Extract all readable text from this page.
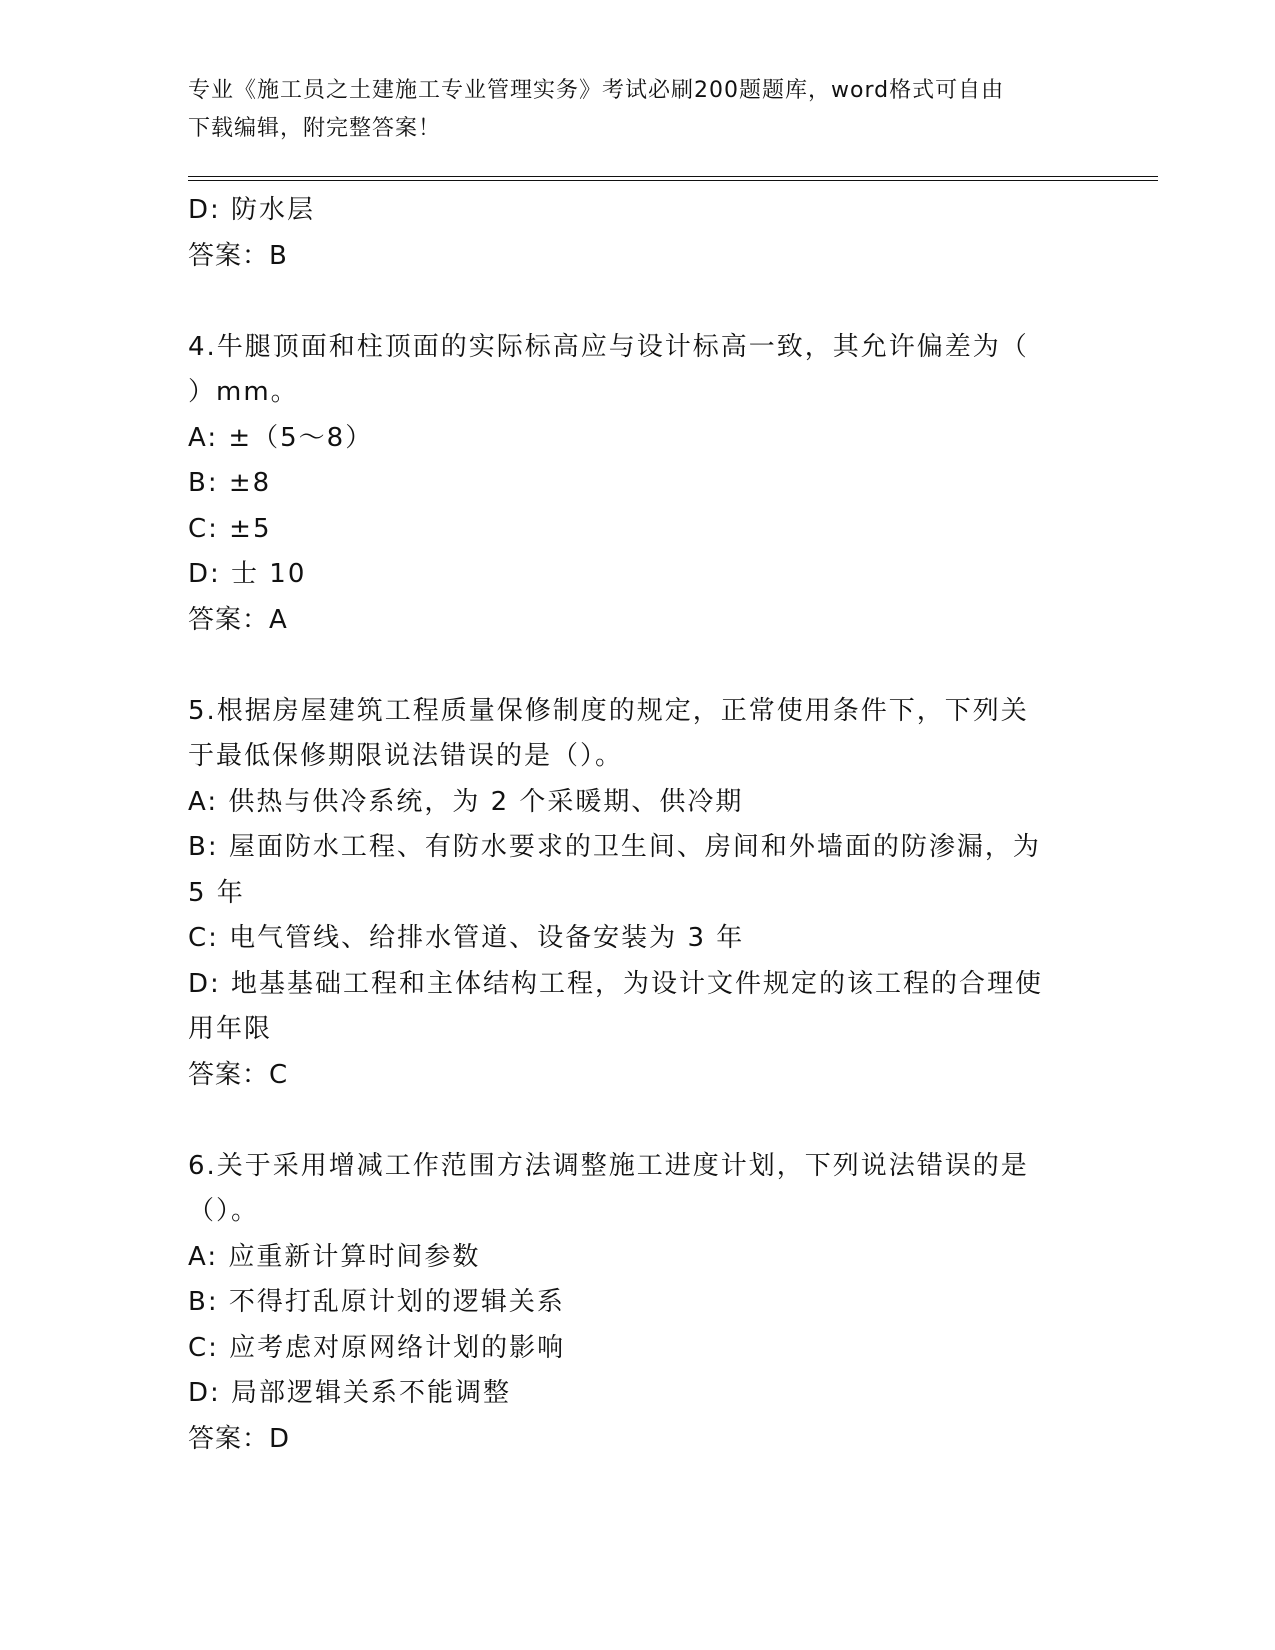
专业《施工员之土建施工专业管理实务》考试必刷200题题库，word格式可自由
下载编辑，附完整答案！
D: 防水层
答案：B
4.牛腿顶面和柱顶面的实际标高应与设计标高一致，其允许偏差为（
）mm。
A: ±（5～8）
B: ±8
C: ±5
D: 士 10
答案：A
5.根据房屋建筑工程质量保修制度的规定，正常使用条件下，下列关
于最低保修期限说法错误的是（）。
A: 供热与供冷系统，为 2 个采暖期、供冷期
B: 屋面防水工程、有防水要求的卫生间、房间和外墙面的防渗漏，为
5 年
C: 电气管线、给排水管道、设备安装为 3 年
D: 地基基础工程和主体结构工程，为设计文件规定的该工程的合理使
用年限
答案：C
6.关于采用增减工作范围方法调整施工进度计划，下列说法错误的是
（）。
A: 应重新计算时间参数
B: 不得打乱原计划的逻辑关系
C: 应考虑对原网络计划的影响
D: 局部逻辑关系不能调整
答案：D
